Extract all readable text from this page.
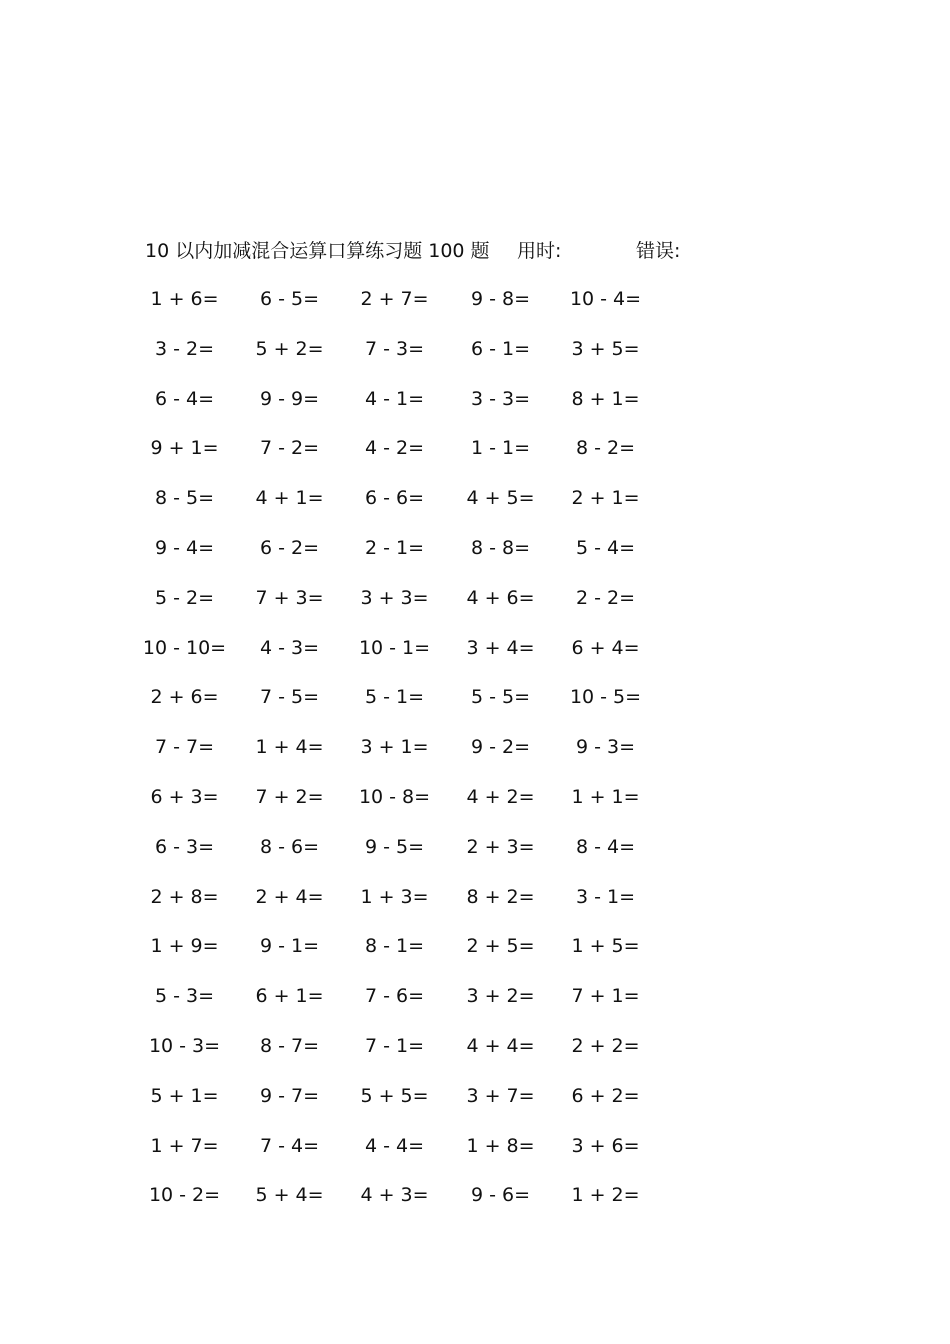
10 以内加减混合运算口算练习题 100 题 用时:	错误:
1 + 6=	6 - 5=	2 + 7=	9 - 8=	10 - 4=
3 - 2=	5 + 2=	7 - 3=	6 - 1=	3 + 5=
6 - 4=	9 - 9=	4 - 1=	3 - 3=	8 + 1=
9 + 1=	7 - 2=	4 - 2=	1 - 1=	8 - 2=
8 - 5=	4 + 1=	6 - 6=	4 + 5=	2 + 1=
9 - 4=	6 - 2=	2 - 1=	8 - 8=	5 - 4=
5 - 2=	7 + 3=	3 + 3=	4 + 6=	2 - 2=
10 - 10=	4 - 3=	10 - 1=	3 + 4=	6 + 4=
2 + 6=	7 - 5=	5 - 1=	5 - 5=	10 - 5=
7 - 7=	1 + 4=	3 + 1=	9 - 2=	9 - 3=
6 + 3=	7 + 2=	10 - 8=	4 + 2=	1 + 1=
6 - 3=	8 - 6=	9 - 5=	2 + 3=	8 - 4=
2 + 8=	2 + 4=	1 + 3=	8 + 2=	3 - 1=
1 + 9=	9 - 1=	8 - 1=	2 + 5=	1 + 5=
5 - 3=	6 + 1=	7 - 6=	3 + 2=	7 + 1=
10 - 3=	8 - 7=	7 - 1=	4 + 4=	2 + 2=
5 + 1=	9 - 7=	5 + 5=	3 + 7=	6 + 2=
1 + 7=	7 - 4=	4 - 4=	1 + 8=	3 + 6=
10 - 2=	5 + 4=	4 + 3=	9 - 6=	1 + 2=
